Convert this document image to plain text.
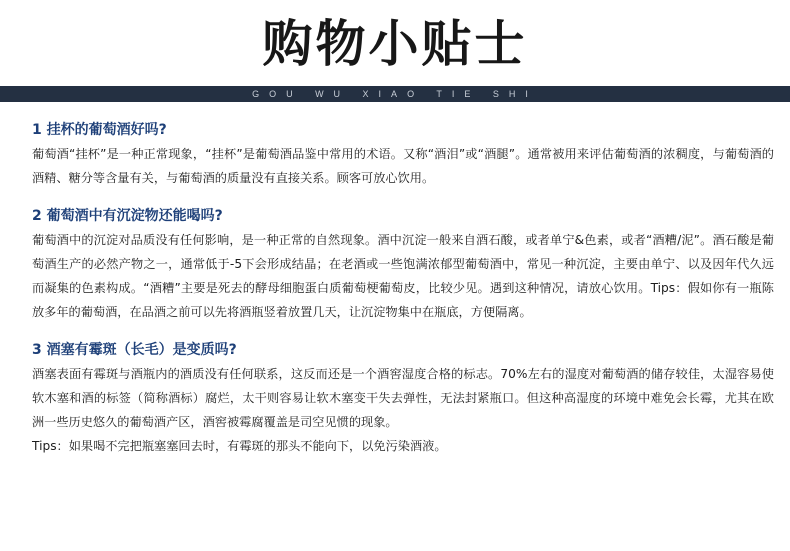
购物小贴士
GOU WU XIAO TIE SHI
1 挂杯的葡萄酒好吗?

葡萄酒“挂杯”是一种正常现象，“挂杯”是葡萄酒品鉴中常用的术语。又称“酒泪”或“酒腿”。通常被用来评估葡萄酒的浓稠度，与葡萄酒的酒精、糖分等含量有关，与葡萄酒的质量没有直接关系。顾客可放心饮用。

2 葡萄酒中有沉淀物还能喝吗?

葡萄酒中的沉淀对品质没有任何影响，是一种正常的自然现象。酒中沉淀一般来自酒石酸，或者单宁&色素，或者“酒糟/泥”。酒石酸是葡萄酒生产的必然产物之一，通常低于-5下会形成结晶；在老酒或一些饱满浓郁型葡萄酒中，常见一种沉淀，主要由单宁、以及因年代久远而凝集的色素构成。“酒糟”主要是死去的酵母细胞蛋白质葡萄梗葡萄皮，比较少见。遇到这种情况，请放心饮用。Tips：假如你有一瓶陈放多年的葡萄酒，在品酒之前可以先将酒瓶竖着放置几天，让沉淀物集中在瓶底，方便隔离。

3 酒塞有霉斑（长毛）是变质吗?

酒塞表面有霉斑与酒瓶内的酒质没有任何联系，这反而还是一个酒窖湿度合格的标志。70%左右的湿度对葡萄酒的储存较佳，太湿容易使软木塞和酒的标签（简称酒标）腐烂，太干则容易让软木塞变干失去弹性，无法封紧瓶口。但这种高湿度的环境中难免会长霉，尤其在欧洲一些历史悠久的葡萄酒产区，酒窖被霉腐覆盖是司空见惯的现象。

Tips：如果喝不完把瓶塞塞回去时，有霉斑的那头不能向下，以免污染酒液。
